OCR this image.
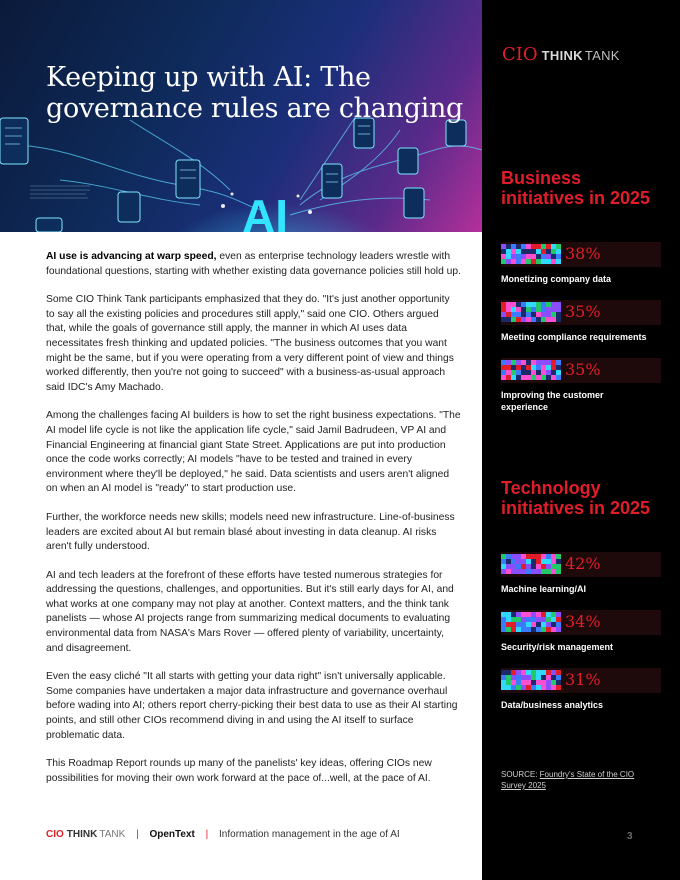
AI
Keeping up with AI: The governance rules are changing
CIO THINK TANK
Business initiatives in 2025
38%
Monetizing company data
35%
Meeting compliance requirements
35%
Improving the customer experience
Technology initiatives in 2025
42%
Machine learning/AI
34%
Security/risk management
31%
Data/business analytics
SOURCE: Foundry's State of the CIO Survey 2025
3

AI use is advancing at warp speed, even as enterprise technology leaders wrestle with foundational questions, starting with whether existing data governance policies still hold up.

Some CIO Think Tank participants emphasized that they do. "It's just another opportunity to say all the existing policies and procedures still apply," said one CIO. Others argued that, while the goals of governance still apply, the manner in which AI uses data necessitates fresh thinking and updated policies. "The business outcomes that you want might be the same, but if you were operating from a very different point of view and things worked differently, then you're not going to succeed" with a business-as-usual approach said IDC's Amy Machado.

Among the challenges facing AI builders is how to set the right business expectations. "The AI model life cycle is not like the application life cycle," said Jamil Badrudeen, VP AI and Financial Engineering at financial giant State Street. Applications are put into production once the code works correctly; AI models "have to be tested and trained in every environment where they'll be deployed," he said. Data scientists and users aren't aligned on when an AI model is "ready" to start production use.

Further, the workforce needs new skills; models need new infrastructure. Line-of-business leaders are excited about AI but remain blasé about investing in data cleanup. AI risks aren't fully understood.

AI and tech leaders at the forefront of these efforts have tested numerous strategies for addressing the questions, challenges, and opportunities. But it's still early days for AI, and what works at one company may not play at another. Context matters, and the think tank panelists — whose AI projects range from summarizing medical documents to evaluating environmental data from NASA's Mars Rover — offered plenty of variability, uncertainty, and disagreement.

Even the easy cliché "It all starts with getting your data right" isn't universally applicable. Some companies have undertaken a major data infrastructure and governance overhaul before wading into AI; others report cherry-picking their best data to use as their AI starting points, and still other CIOs recommend diving in and using the AI itself to surface problematic data.

This Roadmap Report rounds up many of the panelists' key ideas, offering CIOs new possibilities for moving their own work forward at the pace of...well, at the pace of AI.

CIO THINK TANK | OpenText | Information management in the age of AI
